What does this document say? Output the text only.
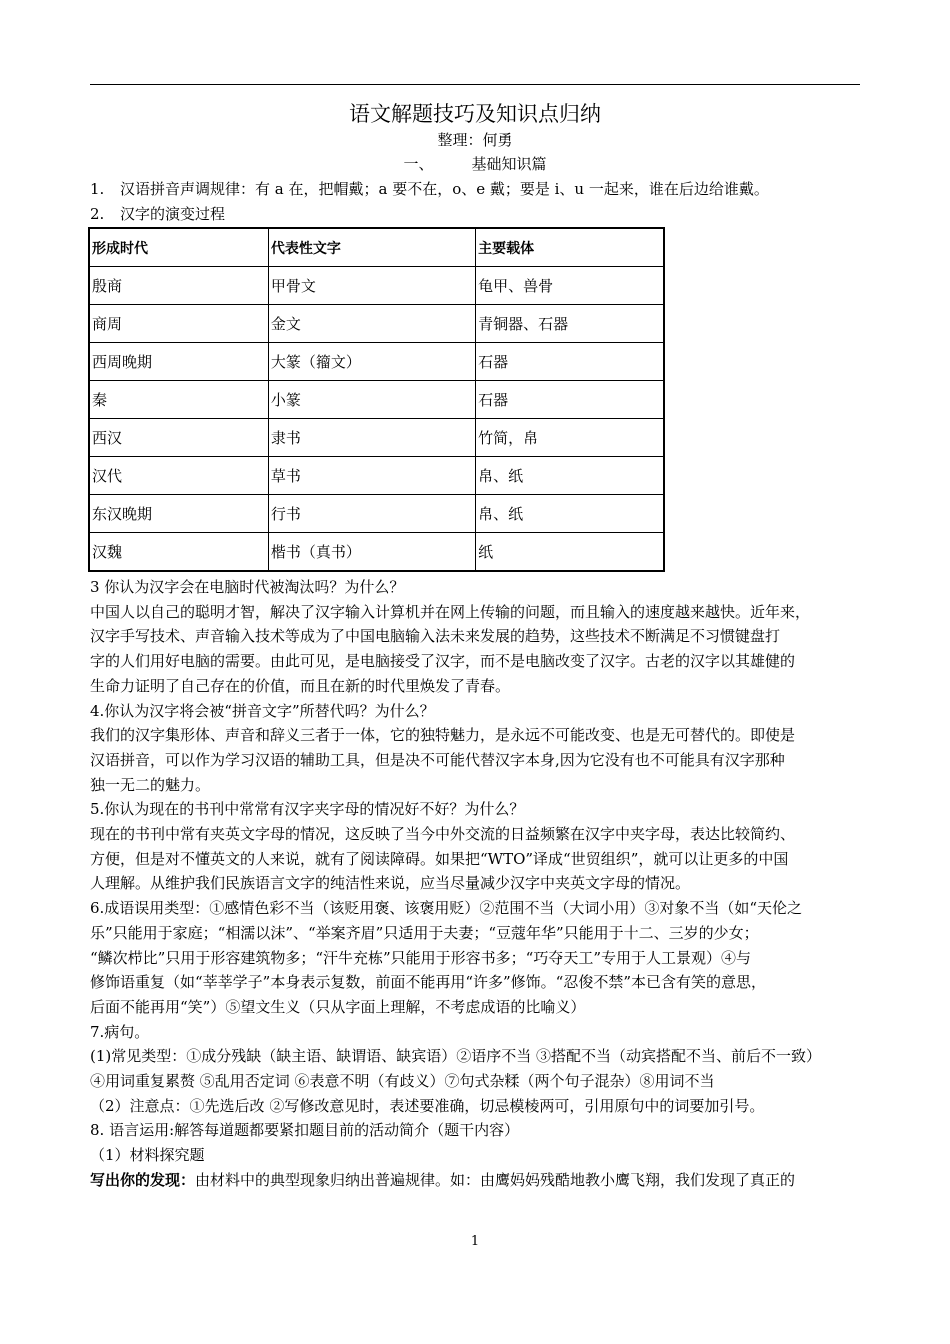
语文解题技巧及知识点归纳
整理：何勇
一、	基础知识篇
1. 汉语拼音声调规律：有 a 在，把帽戴；a 要不在，o、e 戴；要是 i、u 一起来，谁在后边给谁戴。
2. 汉字的演变过程
形成时代	代表性文字	主要载体
殷商	甲骨文	龟甲、兽骨
商周	金文	青铜器、石器
西周晚期	大篆（籀文）	石器
秦	小篆	石器
西汉	隶书	竹简，帛
汉代	草书	帛、纸
东汉晚期	行书	帛、纸
汉魏	楷书（真书）	纸

3 你认为汉字会在电脑时代被淘汰吗？为什么？

中国人以自己的聪明才智，解决了汉字输入计算机并在网上传输的问题，而且输入的速度越来越快。近年来，

汉字手写技术、声音输入技术等成为了中国电脑输入法未来发展的趋势，这些技术不断满足不习惯键盘打

字的人们用好电脑的需要。由此可见，是电脑接受了汉字，而不是电脑改变了汉字。古老的汉字以其雄健的

生命力证明了自己存在的价值，而且在新的时代里焕发了青春。

4.你认为汉字将会被“拼音文字”所替代吗？为什么？

我们的汉字集形体、声音和辞义三者于一体，它的独特魅力，是永远不可能改变、也是无可替代的。即使是

汉语拼音，可以作为学习汉语的辅助工具，但是决不可能代替汉字本身,因为它没有也不可能具有汉字那种

独一无二的魅力。

5.你认为现在的书刊中常常有汉字夹字母的情况好不好？为什么？

现在的书刊中常有夹英文字母的情况，这反映了当今中外交流的日益频繁在汉字中夹字母，表达比较简约、

方便，但是对不懂英文的人来说，就有了阅读障碍。如果把“WTO”译成“世贸组织”，就可以让更多的中国

人理解。从维护我们民族语言文字的纯洁性来说，应当尽量减少汉字中夹英文字母的情况。

6.成语误用类型：①感情色彩不当（该贬用褒、该褒用贬）②范围不当（大词小用）③对象不当（如“天伦之

乐”只能用于家庭；“相濡以沫”、“举案齐眉”只适用于夫妻；“豆蔻年华”只能用于十二、三岁的少女；

“鳞次栉比”只用于形容建筑物多；“汗牛充栋”只能用于形容书多；“巧夺天工”专用于人工景观）④与

修饰语重复（如“莘莘学子”本身表示复数，前面不能再用“许多”修饰。“忍俊不禁”本已含有笑的意思，

后面不能再用“笑”）⑤望文生义（只从字面上理解，不考虑成语的比喻义）

7.病句。

(1)常见类型：①成分残缺（缺主语、缺谓语、缺宾语）②语序不当 ③搭配不当（动宾搭配不当、前后不一致）

④用词重复累赘 ⑤乱用否定词 ⑥表意不明（有歧义）⑦句式杂糅（两个句子混杂）⑧用词不当

（2）注意点：①先选后改 ②写修改意见时，表述要准确，切忌模棱两可，引用原句中的词要加引号。

8. 语言运用:解答每道题都要紧扣题目前的活动简介（题干内容）

（1）材料探究题

写出你的发现：由材料中的典型现象归纳出普遍规律。如：由鹰妈妈残酷地教小鹰飞翔，我们发现了真正的

1
